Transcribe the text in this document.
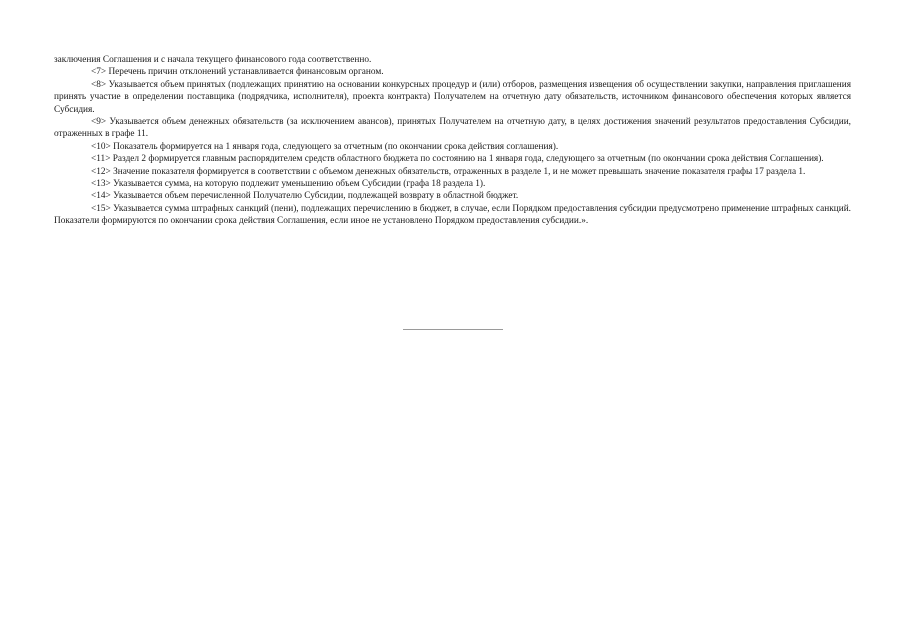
заключения Соглашения и с начала текущего финансового года соответственно.

<7> Перечень причин отклонений устанавливается финансовым органом.

<8> Указывается объем принятых (подлежащих принятию на основании конкурсных процедур и (или) отборов, размещения извещения об осуществлении закупки, направления приглашения принять участие в определении поставщика (подрядчика, исполнителя), проекта контракта) Получателем на отчетную дату обязательств, источником финансового обеспечения которых является Субсидия.

<9> Указывается объем денежных обязательств (за исключением авансов), принятых Получателем на отчетную дату, в целях достижения значений результатов предоставления Субсидии, отраженных в графе 11.

<10> Показатель формируется на 1 января года, следующего за отчетным (по окончании срока действия соглашения).

<11> Раздел 2 формируется главным распорядителем средств областного бюджета по состоянию на 1 января года, следующего за отчетным (по окончании срока действия Соглашения).

<12> Значение показателя формируется в соответствии с объемом денежных обязательств, отраженных в разделе 1, и не может превышать значение показателя графы 17 раздела 1.

<13> Указывается сумма, на которую подлежит уменьшению объем Субсидии (графа 18 раздела 1).

<14> Указывается объем перечисленной Получателю Субсидии, подлежащей возврату в областной бюджет.

<15> Указывается сумма штрафных санкций (пени), подлежащих перечислению в бюджет, в случае, если Порядком предоставления субсидии предусмотрено применение штрафных санкций. Показатели формируются по окончании срока действия Соглашения, если иное не установлено Порядком предоставления субсидии.».
